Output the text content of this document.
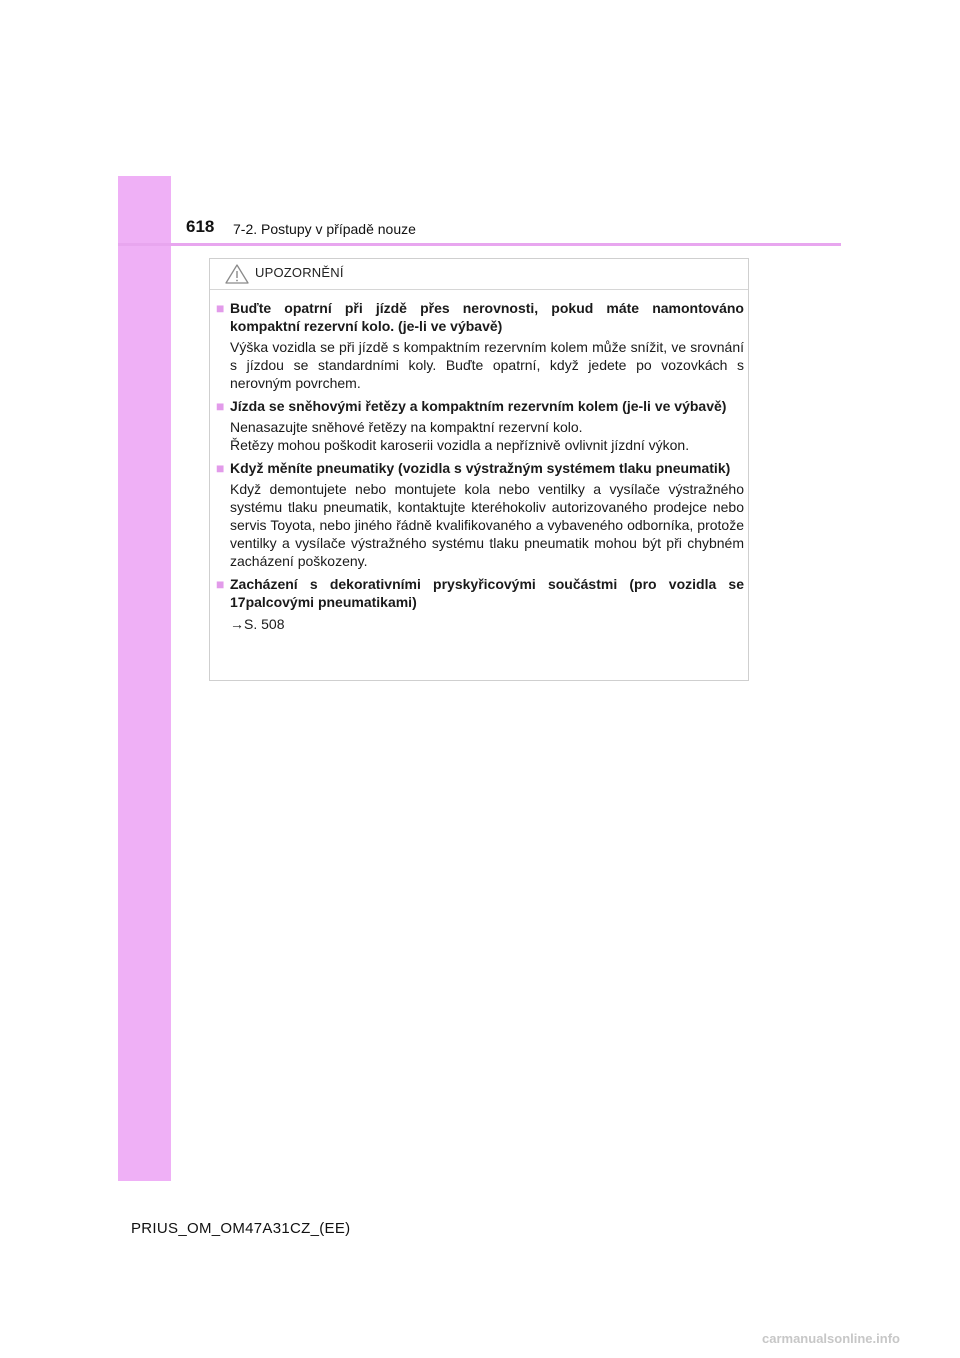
618 7-2. Postupy v případě nouze
UPOZORNĚNÍ
■ Buďte opatrní při jízdě přes nerovnosti, pokud máte namontováno kompaktní rezervní kolo. (je-li ve výbavě)

Výška vozidla se při jízdě s kompaktním rezervním kolem může snížit, ve srovnání s jízdou se standardními koly. Buďte opatrní, když jedete po vozovkách s nerovným povrchem.

■ Jízda se sněhovými řetězy a kompaktním rezervním kolem (je-li ve výbavě)

Nenasazujte sněhové řetězy na kompaktní rezervní kolo.

Řetězy mohou poškodit karoserii vozidla a nepříznivě ovlivnit jízdní výkon.

■ Když měníte pneumatiky (vozidla s výstražným systémem tlaku pneumatik)

Když demontujete nebo montujete kola nebo ventilky a vysílače výstražného systému tlaku pneumatik, kontaktujte kteréhokoliv autorizovaného prodejce nebo servis Toyota, nebo jiného řádně kvalifikovaného a vybaveného odborníka, protože ventilky a vysílače výstražného systému tlaku pneumatik mohou být při chybném zacházení poškozeny.

■ Zacházení s dekorativními pryskyřicovými součástmi (pro vozidla se 17palcovými pneumatikami)
→S. 508
PRIUS_OM_OM47A31CZ_(EE)
carmanualsonline.info
